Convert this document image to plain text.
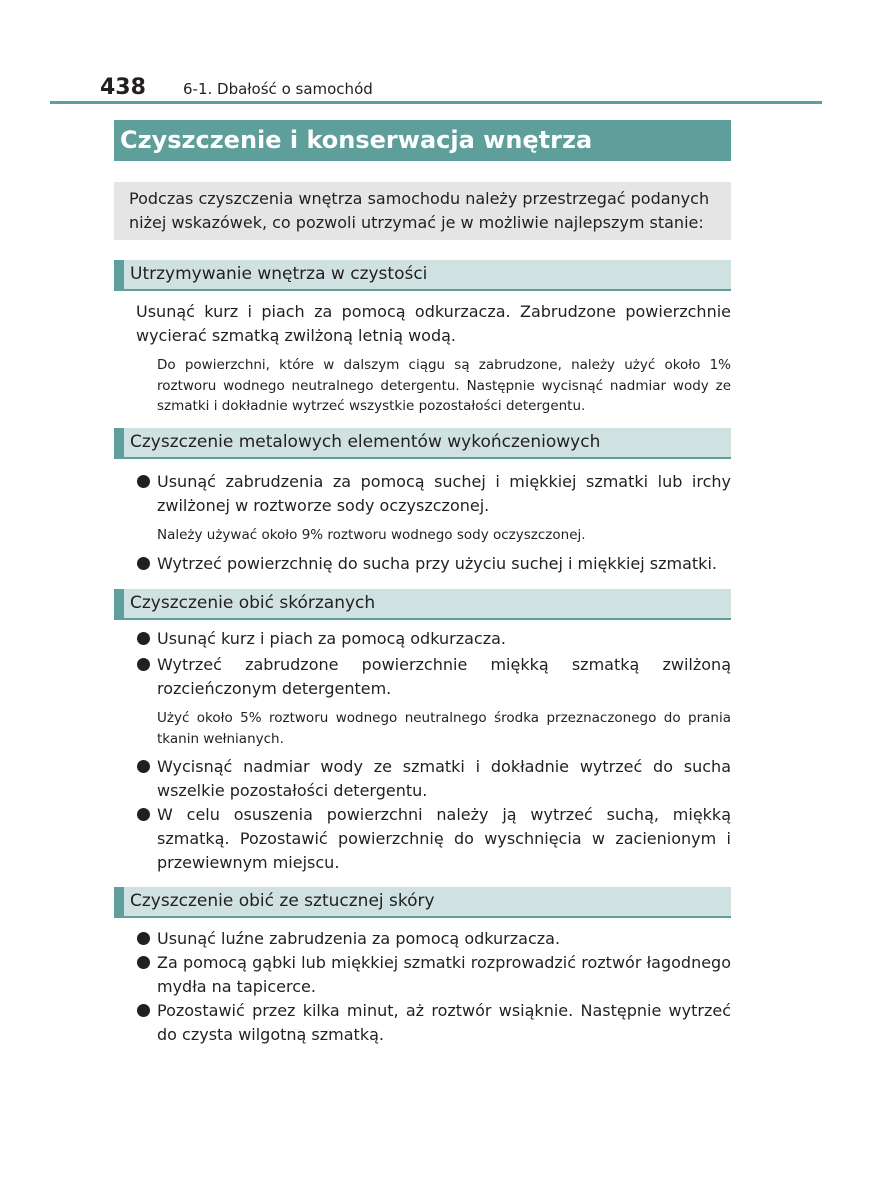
438 6-1. Dbałość o samochód
Czyszczenie i konserwacja wnętrza
Podczas czyszczenia wnętrza samochodu należy przestrzegać podanych niżej wskazówek, co pozwoli utrzymać je w możliwie najlepszym stanie:
Utrzymywanie wnętrza w czystości
Usunąć kurz i piach za pomocą odkurzacza. Zabrudzone powierzchnie wycierać szmatką zwilżoną letnią wodą.
Do powierzchni, które w dalszym ciągu są zabrudzone, należy użyć około 1% roztworu wodnego neutralnego detergentu. Następnie wycisnąć nadmiar wody ze szmatki i dokładnie wytrzeć wszystkie pozostałości detergentu.
Czyszczenie metalowych elementów wykończeniowych
Usunąć zabrudzenia za pomocą suchej i miękkiej szmatki lub irchy zwilżonej w roztworze sody oczyszczonej.
Należy używać około 9% roztworu wodnego sody oczyszczonej.
Wytrzeć powierzchnię do sucha przy użyciu suchej i miękkiej szmatki.
Czyszczenie obić skórzanych
Usunąć kurz i piach za pomocą odkurzacza.
Wytrzeć zabrudzone powierzchnie miękką szmatką zwilżoną rozcieńczonym detergentem.
Użyć około 5% roztworu wodnego neutralnego środka przeznaczonego do prania tkanin wełnianych.
Wycisnąć nadmiar wody ze szmatki i dokładnie wytrzeć do sucha wszelkie pozostałości detergentu.
W celu osuszenia powierzchni należy ją wytrzeć suchą, miękką szmatką. Pozostawić powierzchnię do wyschnięcia w zacienionym i przewiewnym miejscu.
Czyszczenie obić ze sztucznej skóry
Usunąć luźne zabrudzenia za pomocą odkurzacza.
Za pomocą gąbki lub miękkiej szmatki rozprowadzić roztwór łagodnego mydła na tapicerce.
Pozostawić przez kilka minut, aż roztwór wsiąknie. Następnie wytrzeć do czysta wilgotną szmatką.
